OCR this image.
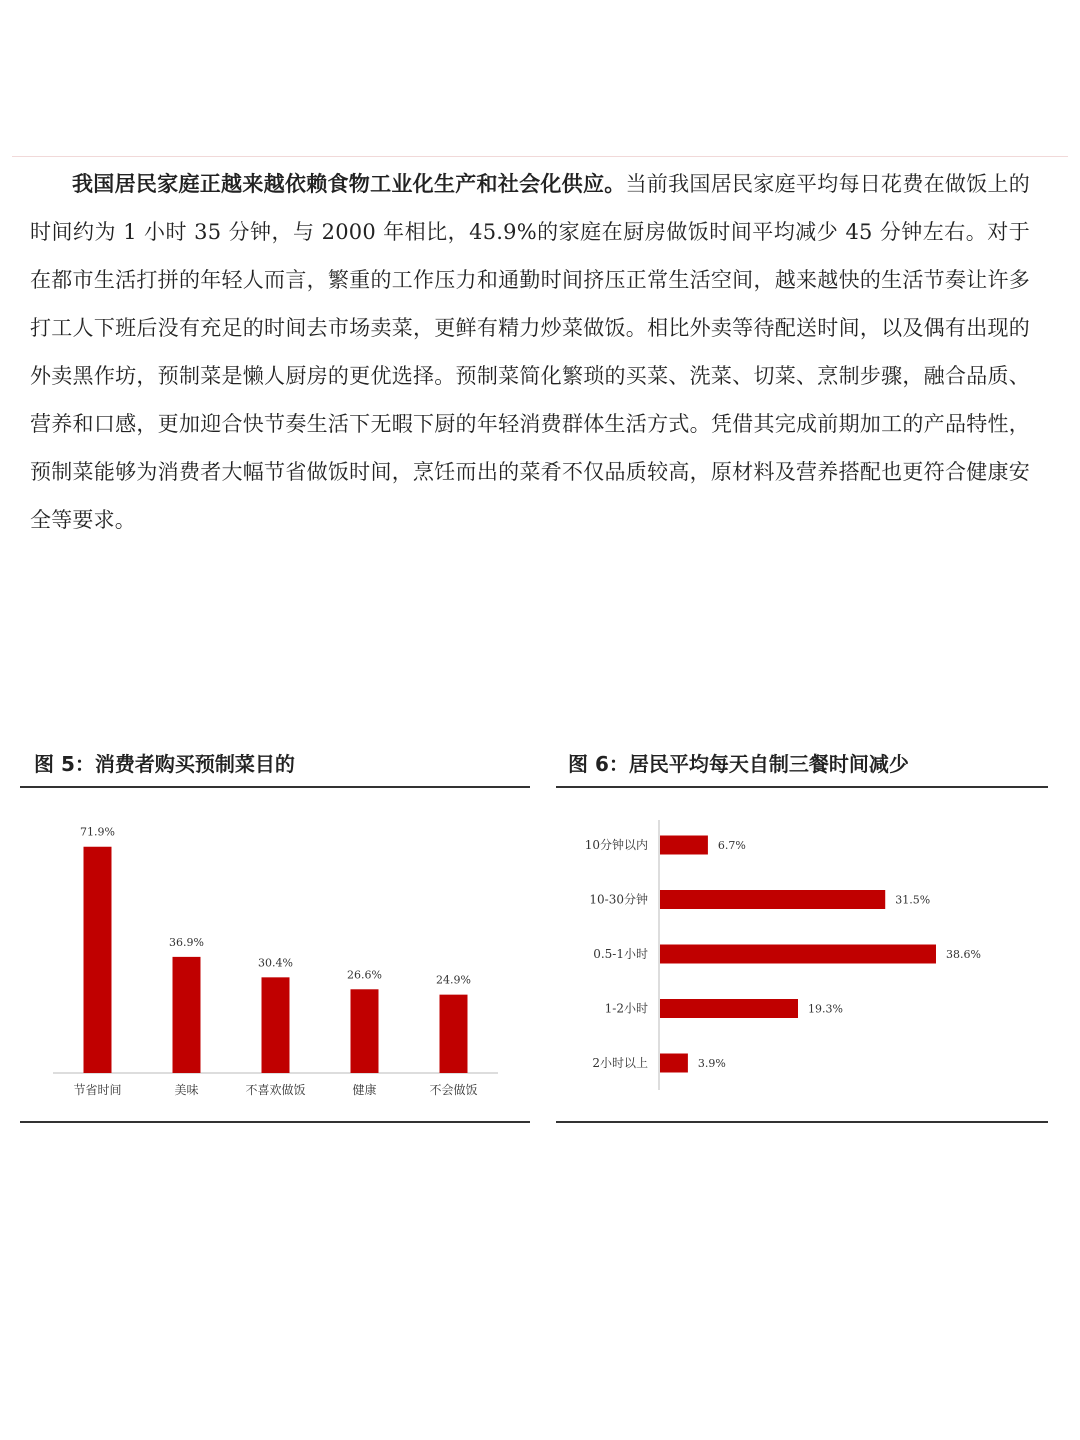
我国居民家庭正越来越依赖食物工业化生产和社会化供应。当前我国居民家庭平均每日花费在做饭上的时间约为 1 小时 35 分钟，与 2000 年相比，45.9%的家庭在厨房做饭时间平均减少 45 分钟左右。对于在都市生活打拼的年轻人而言，繁重的工作压力和通勤时间挤压正常生活空间，越来越快的生活节奏让许多打工人下班后没有充足的时间去市场卖菜，更鲜有精力炒菜做饭。相比外卖等待配送时间，以及偶有出现的外卖黑作坊，预制菜是懒人厨房的更优选择。预制菜简化繁琐的买菜、洗菜、切菜、烹制步骤，融合品质、营养和口感，更加迎合快节奏生活下无暇下厨的年轻消费群体生活方式。凭借其完成前期加工的产品特性，预制菜能够为消费者大幅节省做饭时间，烹饪而出的菜肴不仅品质较高，原材料及营养搭配也更符合健康安全等要求。
图 5：消费者购买预制菜目的
71.9%
节省时间
36.9%
美味
30.4%
不喜欢做饭
26.6%
健康
24.9%
不会做饭
图 6：居民平均每天自制三餐时间减少
10分钟以内	6.7%
10-30分钟	31.5%
0.5-1小时	38.6%
1-2小时	19.3%
2小时以上	3.9%
